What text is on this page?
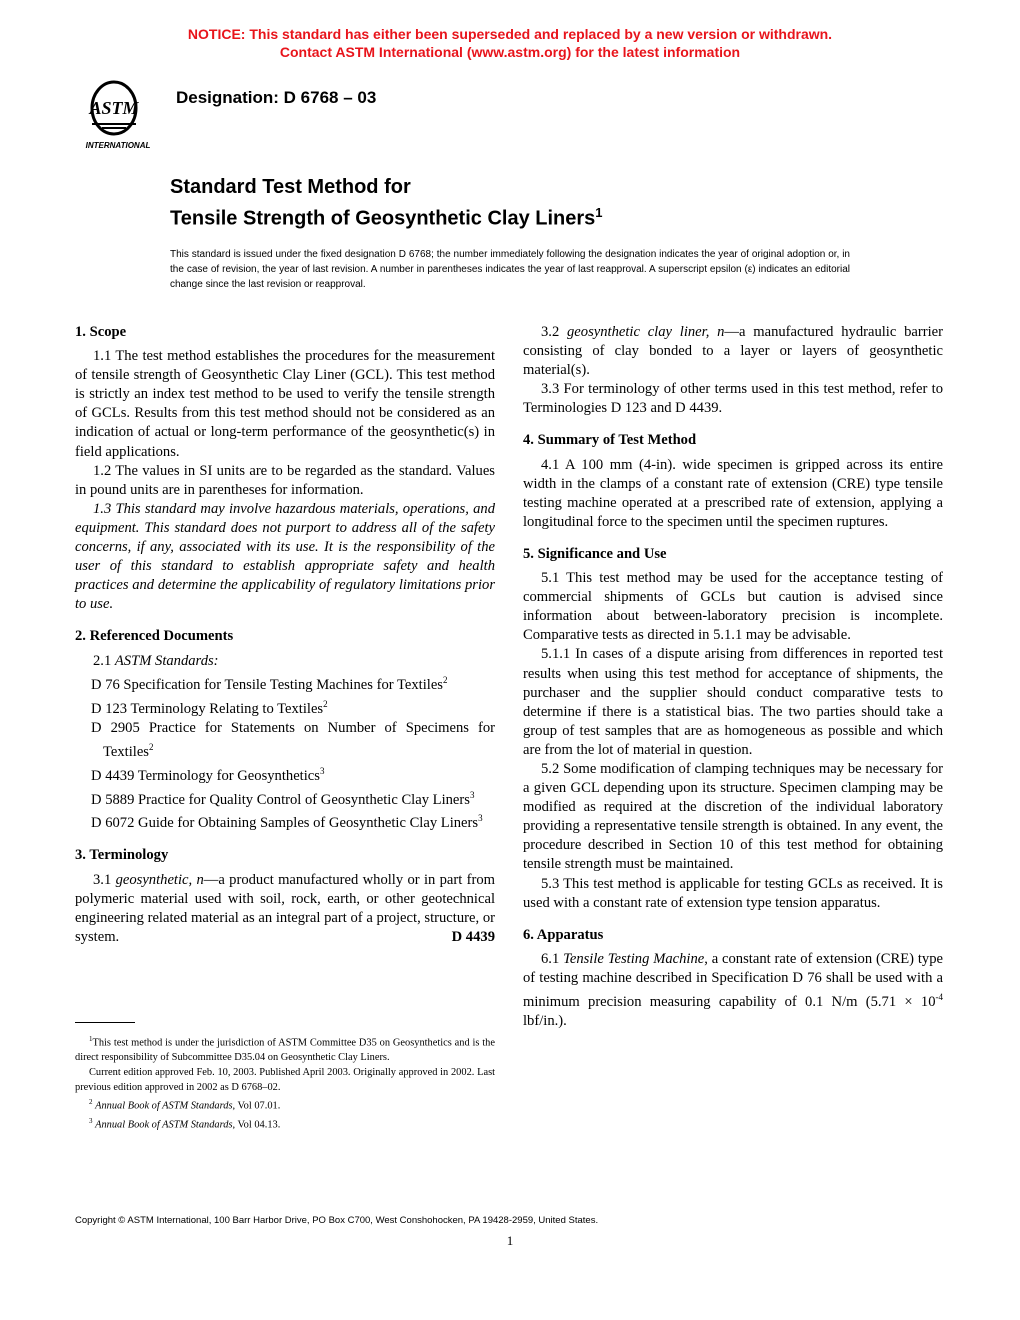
NOTICE: This standard has either been superseded and replaced by a new version or withdrawn.
Contact ASTM International (www.astm.org) for the latest information
ASTM
INTERNATIONAL
Designation: D 6768 – 03
Standard Test Method for
Tensile Strength of Geosynthetic Clay Liners$^1$
This standard is issued under the fixed designation D 6768; the number immediately following the designation indicates the year of original adoption or, in the case of revision, the year of last revision. A number in parentheses indicates the year of last reapproval. A superscript epsilon (ε) indicates an editorial change since the last revision or reapproval.
1. Scope

1.1 The test method establishes the procedures for the measurement of tensile strength of Geosynthetic Clay Liner (GCL). This test method is strictly an index test method to be used to verify the tensile strength of GCLs. Results from this test method should not be considered as an indication of actual or long-term performance of the geosynthetic(s) in field applications.

1.2 The values in SI units are to be regarded as the standard. Values in pound units are in parentheses for information.

1.3 This standard may involve hazardous materials, operations, and equipment. This standard does not purport to address all of the safety concerns, if any, associated with its use. It is the responsibility of the user of this standard to establish appropriate safety and health practices and determine the applicability of regulatory limitations prior to use.

2. Referenced Documents

2.1 ASTM Standards:

D 76 Specification for Tensile Testing Machines for Textiles$^2$
D 123 Terminology Relating to Textiles$^2$
D 2905 Practice for Statements on Number of Specimens for Textiles$^2$
D 4439 Terminology for Geosynthetics$^3$
D 5889 Practice for Quality Control of Geosynthetic Clay Liners$^3$
D 6072 Guide for Obtaining Samples of Geosynthetic Clay Liners$^3$
3. Terminology

3.1 geosynthetic, n—a product manufactured wholly or in part from polymeric material used with soil, rock, earth, or other geotechnical engineering related material as an integral part of a project, structure, or system.	D 4439

3.2 geosynthetic clay liner, n—a manufactured hydraulic barrier consisting of clay bonded to a layer or layers of geosynthetic material(s).

3.3 For terminology of other terms used in this test method, refer to Terminologies D 123 and D 4439.

4. Summary of Test Method

4.1 A 100 mm (4-in). wide specimen is gripped across its entire width in the clamps of a constant rate of extension (CRE) type tensile testing machine operated at a prescribed rate of extension, applying a longitudinal force to the specimen until the specimen ruptures.

5. Significance and Use

5.1 This test method may be used for the acceptance testing of commercial shipments of GCLs but caution is advised since information about between-laboratory precision is incomplete. Comparative tests as directed in 5.1.1 may be advisable.

5.1.1 In cases of a dispute arising from differences in reported test results when using this test method for acceptance of shipments, the purchaser and the supplier should conduct comparative tests to determine if there is a statistical bias. The two parties should take a group of test samples that are as homogeneous as possible and which are from the lot of material in question.

5.2 Some modification of clamping techniques may be necessary for a given GCL depending upon its structure. Specimen clamping may be modified as required at the discretion of the individual laboratory providing a representative tensile strength is obtained. In any event, the procedure described in Section 10 of this test method for obtaining tensile strength must be maintained.

5.3 This test method is applicable for testing GCLs as received. It is used with a constant rate of extension type tension apparatus.

6. Apparatus

6.1 Tensile Testing Machine, a constant rate of extension (CRE) type of testing machine described in Specification D 76 shall be used with a minimum precision measuring capability of 0.1 N/m ($5.71 \times 10^{-4}$ lbf/in.).

$^1$This test method is under the jurisdiction of ASTM Committee D35 on Geosynthetics and is the direct responsibility of Subcommittee D35.04 on Geosynthetic Clay Liners.

Current edition approved Feb. 10, 2003. Published April 2003. Originally approved in 2002. Last previous edition approved in 2002 as D 6768–02.

$^2$ Annual Book of ASTM Standards, Vol 07.01.

$^3$ Annual Book of ASTM Standards, Vol 04.13.

Copyright © ASTM International, 100 Barr Harbor Drive, PO Box C700, West Conshohocken, PA 19428-2959, United States.
1
